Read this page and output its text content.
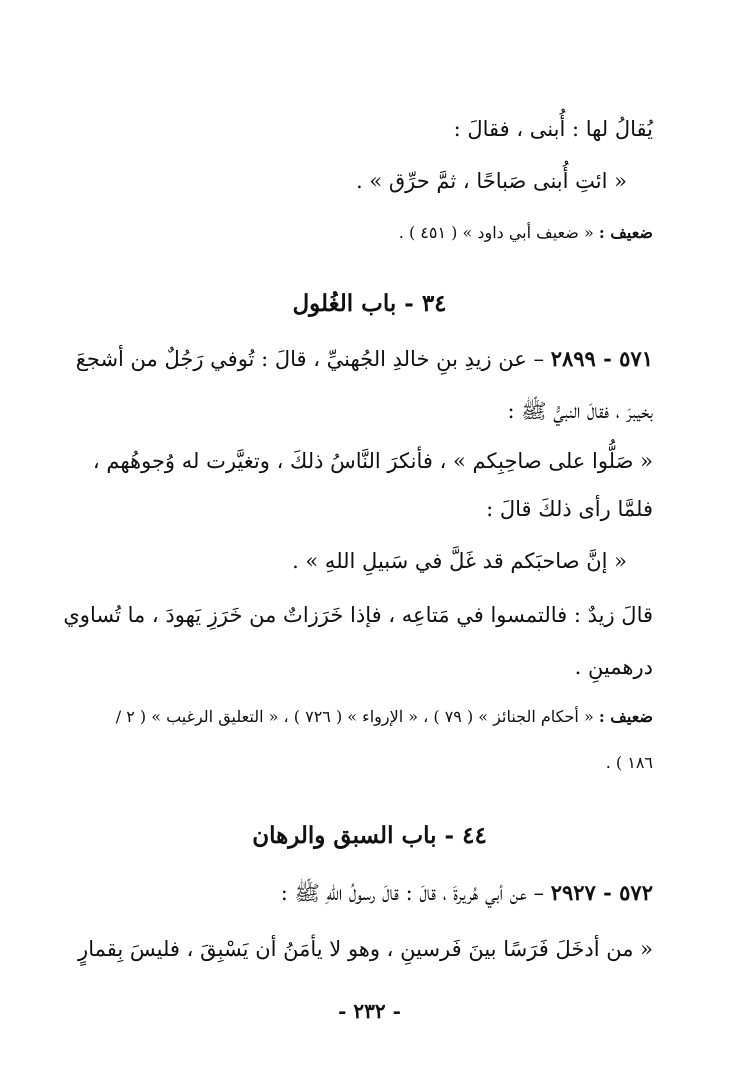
يُقالُ لها : أُبنى ، فقالَ :
« ائتِ أُبنى صَباحًا ، ثمَّ حرِّق » .
ضعيف : « ضعيف أبي داود » ( ٤٥١ ) .
٣٤ - باب الغُلول
٥٧١ - ٢٨٩٩ – عن زيدِ بنِ خالدِ الجُهنيِّ ، قالَ : تُوفي رَجُلٌ من أشجعَ
بخيبرَ ، فقالَ النبيُّ ﷺ :
« صَلُّوا على صاحِبِكم » ، فأنكرَ النَّاسُ ذلكَ ، وتغيَّرت له وُجوهُهم ،
فلمَّا رأى ذلكَ قالَ :
« إنَّ صاحبَكم قد غَلَّ في سَبيلِ اللهِ » .
قالَ زيدٌ : فالتمسوا في مَتاعِه ، فإذا خَرَزاتٌ من خَرَزِ يَهودَ ، ما تُساوي
درهمينِ .
ضعيف : « أحكام الجنائز » ( ٧٩ ) ، « الإرواء » ( ٧٢٦ ) ، « التعليق الرغيب » ( ٢ /
١٨٦ ) .
٤٤ - باب السبق والرهان
٥٧٢ - ٢٩٢٧ – عن أبي هُريرةَ ، قالَ : قالَ رسولُ اللهِ ﷺ :
« من أدخَلَ فَرَسًا بينَ فَرسينِ ، وهو لا يأمَنُ أن يَسْبِقَ ، فليسَ بِقمارٍ
- ٢٣٢ -
